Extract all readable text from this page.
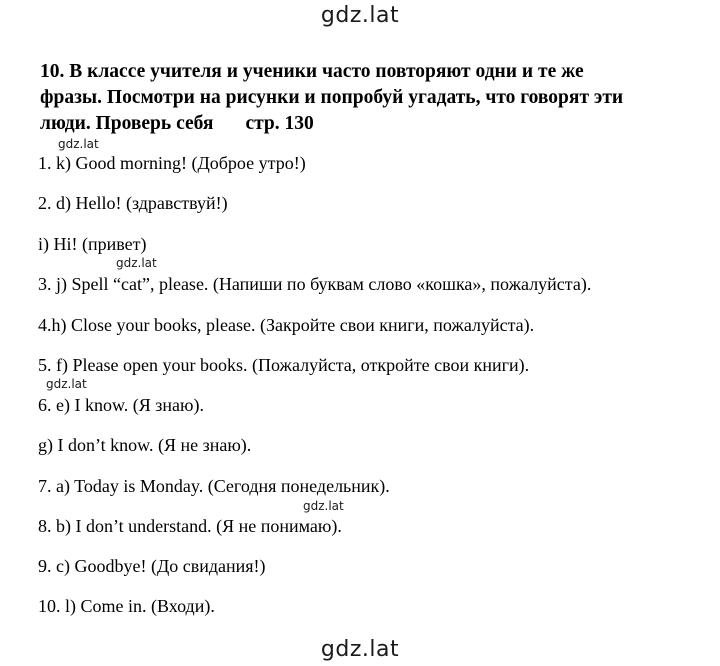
gdz.lat
10. В классе учителя и ученики часто повторяют одни и те же
фразы. Посмотри на рисунки и попробуй угадать, что говорят эти
люди. Проверь себя стр. 130
gdz.lat
1. k) Good morning! (Доброе утро!)
2. d) Hello! (здравствуй!)
i) Hi! (привет)
gdz.lat
3. j) Spell “cat”, please. (Напиши по буквам слово «кошка», пожалуйста).
4.h) Close your books, please. (Закройте свои книги, пожалуйста).
5. f) Please open your books. (Пожалуйста, откройте свои книги).
gdz.lat
6. e) I know. (Я знаю).
g) I don’t know. (Я не знаю).
7. a) Today is Monday. (Сегодня понедельник).
gdz.lat
8. b) I don’t understand. (Я не понимаю).
9. c) Goodbye! (До свидания!)
10. l) Come in. (Входи).
gdz.lat
